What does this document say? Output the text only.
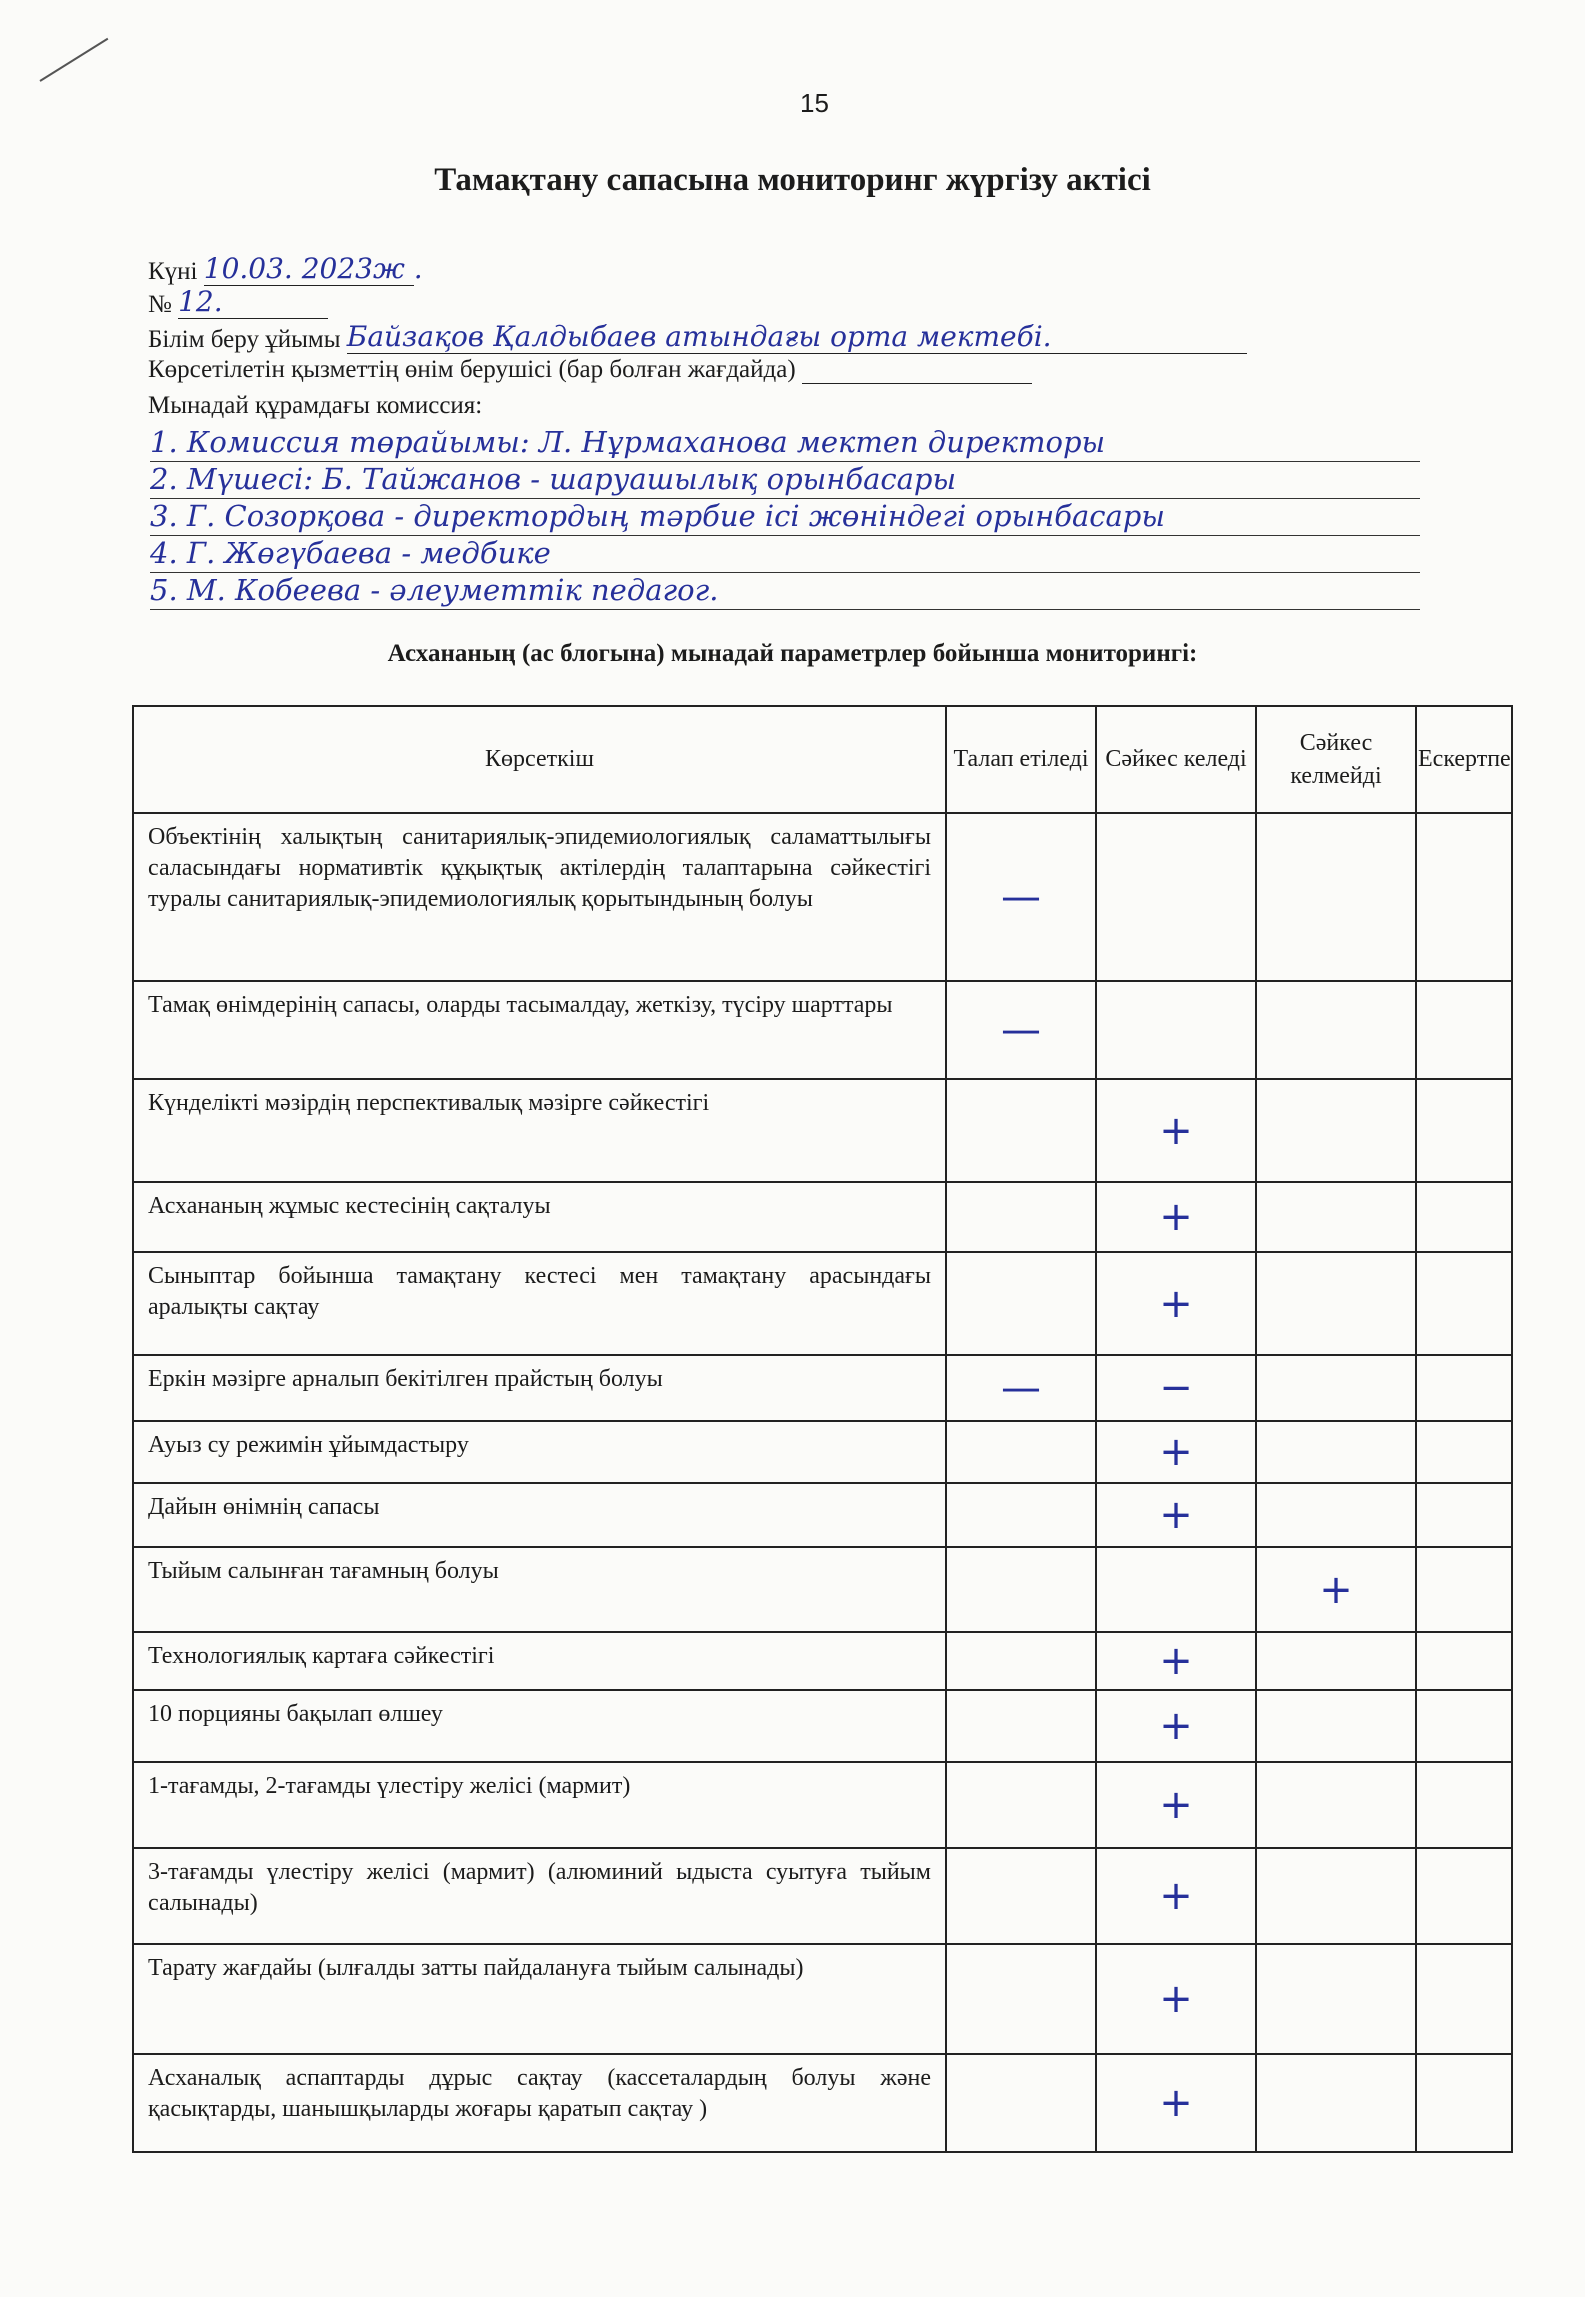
15
Тамақтану сапасына мониторинг жүргізу актісі
Күні 10.03. 2023ж .
№ 12.
Білім беру ұйымы Байзақов Қалдыбаев атындағы орта мектебі.
Көрсетілетін қызметтің өнім берушісі (бар болған жағдайда)
Мынадай құрамдағы комиссия:
1. Комиссия төрайымы: Л. Нұрмаханова мектеп директоры
2. Мүшесі: Б. Тайжанов - шаруашылық орынбасары
3. Г. Созорқова - директордың тәрбие ісі жөніндегі орынбасары
4. Г. Жөгүбаева - медбике
5. М. Кобеева - әлеуметтік педагог.
Асхананың (ас блогына) мынадай параметрлер бойынша мониторингі:
Көрсеткіш	Талап етіледі	Сәйкес келеді	Сәйкес келмейді	Ескертпе
Объектінің халықтың санитариялық-эпидемиологиялық саламаттылығы саласындағы нормативтік құқықтық актілердің талаптарына сәйкестігі туралы санитариялық-эпидемиологиялық қорытындының болуы	—			
Тамақ өнімдерінің сапасы, оларды тасымалдау, жеткізу, түсіру шарттары	—			
Күнделікті мәзірдің перспективалық мәзірге сәйкестігі		+		
Асхананың жұмыс кестесінің сақталуы		+		
Сыныптар бойынша тамақтану кестесі мен тамақтану арасындағы аралықты сақтау		+		
Еркін мәзірге арналып бекітілген прайстың болуы	—	−		
Ауыз су режимін ұйымдастыру		+		
Дайын өнімнің сапасы		+		
Тыйым салынған тағамның болуы			+	
Технологиялық картаға сәйкестігі		+		
10 порцияны бақылап өлшеу		+		
1-тағамды, 2-тағамды үлестіру желісі (мармит)		+		
3-тағамды үлестіру желісі (мармит) (алюминий ыдыста суытуға тыйым салынады)		+		
Тарату жағдайы (ылғалды затты пайдалануға тыйым салынады)		+		
Асханалық аспаптарды дұрыс сақтау (кассеталардың болуы және қасықтарды, шанышқыларды жоғары қаратып сақтау )		+		
